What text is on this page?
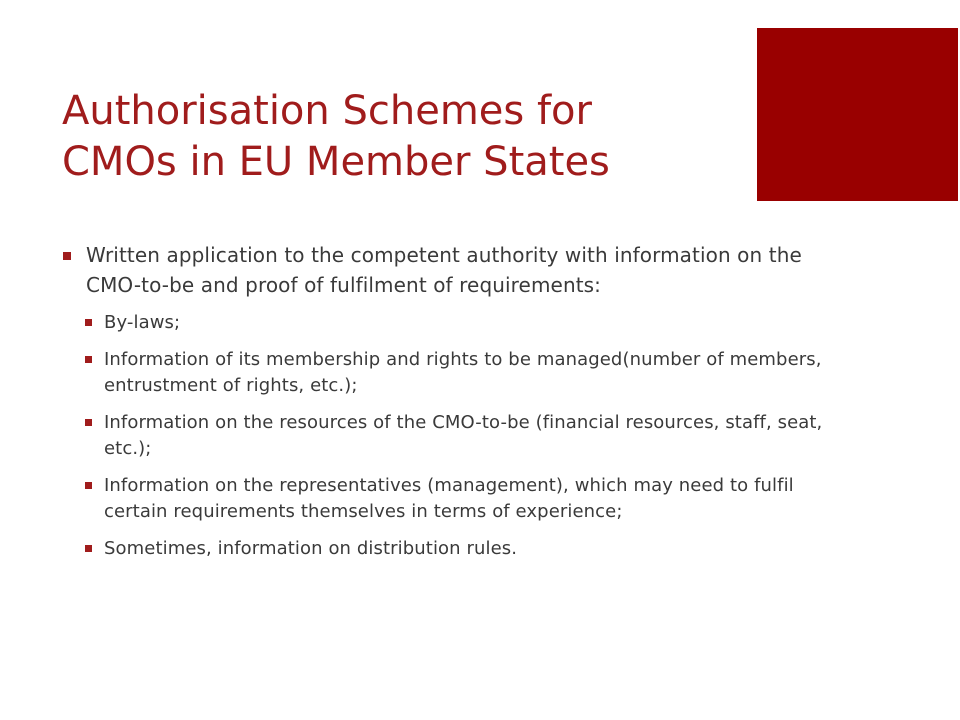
Authorisation Schemes for
CMOs in EU Member States
Written application to the competent authority with information on the CMO-to-be and proof of fulfilment of requirements:
By-laws;
Information of its membership and rights to be managed(number of members, entrustment of rights, etc.);
Information on the resources of the CMO-to-be (financial resources, staff, seat, etc.);
Information on the representatives (management), which may need to fulfil certain requirements themselves in terms of experience;
Sometimes, information on distribution rules.
